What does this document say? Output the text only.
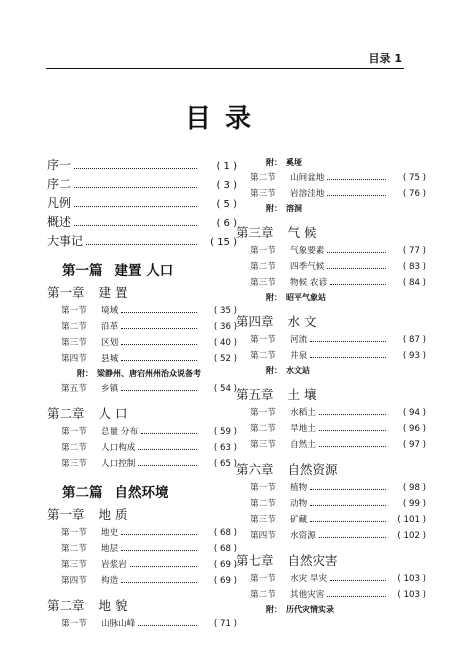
目录 1
目录
序一	( 1 )
序二	( 3 )
凡例	( 5 )
概述	( 6 )
大事记	( 15 )
第一篇 建置 人口
第一章 建 置
第一节	境域	( 35 )
第二节	沿革	( 36 )
第三节	区划	( 40 )
第四节	县城	( 52 )
附： 梁静州、唐宕州州治众说备考
第五节	乡镇	( 54 )
第二章 人 口
第一节	总量 分布	( 59 )
第二节	人口构成	( 63 )
第三节	人口控制	( 65 )
第二篇 自然环境
第一章 地 质
第一节	地史	( 68 )
第二节	地层	( 68 )
第三节	岩浆岩	( 69 )
第四节	构造	( 69 )
第二章 地 貌
第一节	山脉山峰	( 71 )
附： 奚垭
第二节	山间盆地	( 75 )
第三节	岩溶洼地	( 76 )
附： 溶洞
第三章 气 候
第一节	气象要素	( 77 )
第二节	四季气候	( 83 )
第三节	物候 农谚	( 84 )
附： 昭平气象站
第四章 水 文
第一节	河流	( 87 )
第二节	井泉	( 93 )
附： 水文站
第五章 土 壤
第一节	水稻土	( 94 )
第二节	旱地土	( 96 )
第三节	自然土	( 97 )
第六章 自然资源
第一节	植物	( 98 )
第二节	动物	( 99 )
第三节	矿藏	( 101 )
第四节	水资源	( 102 )
第七章 自然灾害
第一节	水灾 旱灾	( 103 )
第二节	其他灾害	( 103 )
附： 历代灾情实录
